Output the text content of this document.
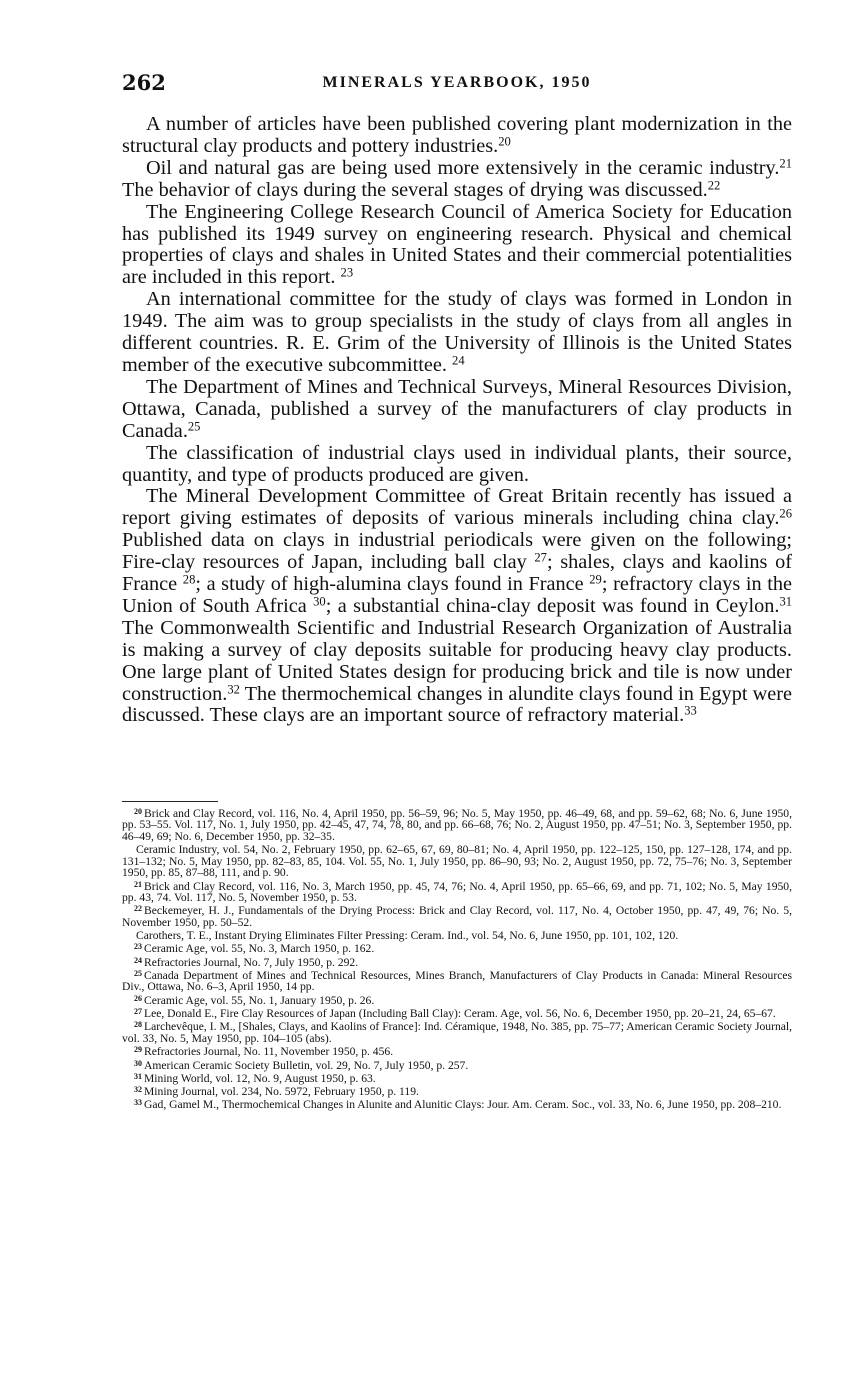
262	MINERALS YEARBOOK, 1950

A number of articles have been published covering plant modernization in the structural clay products and pottery industries.$^{20}$

Oil and natural gas are being used more extensively in the ceramic industry.$^{21}$ The behavior of clays during the several stages of drying was discussed.$^{22}$

The Engineering College Research Council of America Society for Education has published its 1949 survey on engineering research. Physical and chemical properties of clays and shales in United States and their commercial potentialities are included in this report. $^{23}$

An international committee for the study of clays was formed in London in 1949. The aim was to group specialists in the study of clays from all angles in different countries. R. E. Grim of the University of Illinois is the United States member of the executive subcommittee. $^{24}$

The Department of Mines and Technical Surveys, Mineral Resources Division, Ottawa, Canada, published a survey of the manufacturers of clay products in Canada.$^{25}$

The classification of industrial clays used in individual plants, their source, quantity, and type of products produced are given.

The Mineral Development Committee of Great Britain recently has issued a report giving estimates of deposits of various minerals including china clay.$^{26}$ Published data on clays in industrial periodicals were given on the following; Fire-clay resources of Japan, including ball clay $^{27}$; shales, clays and kaolins of France $^{28}$; a study of high-alumina clays found in France $^{29}$; refractory clays in the Union of South Africa $^{30}$; a substantial china-clay deposit was found in Ceylon.$^{31}$ The Commonwealth Scientific and Industrial Research Organization of Australia is making a survey of clay deposits suitable for producing heavy clay products. One large plant of United States design for producing brick and tile is now under construction.$^{32}$ The thermochemical changes in alundite clays found in Egypt were discussed. These clays are an important source of refractory material.$^{33}$

$^{20}$ Brick and Clay Record, vol. 116, No. 4, April 1950, pp. 56–59, 96; No. 5, May 1950, pp. 46–49, 68, and pp. 59–62, 68; No. 6, June 1950, pp. 53–55. Vol. 117, No. 1, July 1950, pp. 42–45, 47, 74, 78, 80, and pp. 66–68, 76; No. 2, August 1950, pp. 47–51; No. 3, September 1950, pp. 46–49, 69; No. 6, December 1950, pp. 32–35.

Ceramic Industry, vol. 54, No. 2, February 1950, pp. 62–65, 67, 69, 80–81; No. 4, April 1950, pp. 122–125, 150, pp. 127–128, 174, and pp. 131–132; No. 5, May 1950, pp. 82–83, 85, 104. Vol. 55, No. 1, July 1950, pp. 86–90, 93; No. 2, August 1950, pp. 72, 75–76; No. 3, September 1950, pp. 85, 87–88, 111, and p. 90.

$^{21}$ Brick and Clay Record, vol. 116, No. 3, March 1950, pp. 45, 74, 76; No. 4, April 1950, pp. 65–66, 69, and pp. 71, 102; No. 5, May 1950, pp. 43, 74. Vol. 117, No. 5, November 1950, p. 53.

$^{22}$ Beckemeyer, H. J., Fundamentals of the Drying Process: Brick and Clay Record, vol. 117, No. 4, October 1950, pp. 47, 49, 76; No. 5, November 1950, pp. 50–52.

Carothers, T. E., Instant Drying Eliminates Filter Pressing: Ceram. Ind., vol. 54, No. 6, June 1950, pp. 101, 102, 120.

$^{23}$ Ceramic Age, vol. 55, No. 3, March 1950, p. 162.

$^{24}$ Refractories Journal, No. 7, July 1950, p. 292.

$^{25}$ Canada Department of Mines and Technical Resources, Mines Branch, Manufacturers of Clay Products in Canada: Mineral Resources Div., Ottawa, No. 6–3, April 1950, 14 pp.

$^{26}$ Ceramic Age, vol. 55, No. 1, January 1950, p. 26.

$^{27}$ Lee, Donald E., Fire Clay Resources of Japan (Including Ball Clay): Ceram. Age, vol. 56, No. 6, December 1950, pp. 20–21, 24, 65–67.

$^{28}$ Larchevêque, I. M., [Shales, Clays, and Kaolins of France]: Ind. Céramique, 1948, No. 385, pp. 75–77; American Ceramic Society Journal, vol. 33, No. 5, May 1950, pp. 104–105 (abs).

$^{29}$ Refractories Journal, No. 11, November 1950, p. 456.

$^{30}$ American Ceramic Society Bulletin, vol. 29, No. 7, July 1950, p. 257.

$^{31}$ Mining World, vol. 12, No. 9, August 1950, p. 63.

$^{32}$ Mining Journal, vol. 234, No. 5972, February 1950, p. 119.

$^{33}$ Gad, Gamel M., Thermochemical Changes in Alunite and Alunitic Clays: Jour. Am. Ceram. Soc., vol. 33, No. 6, June 1950, pp. 208–210.
